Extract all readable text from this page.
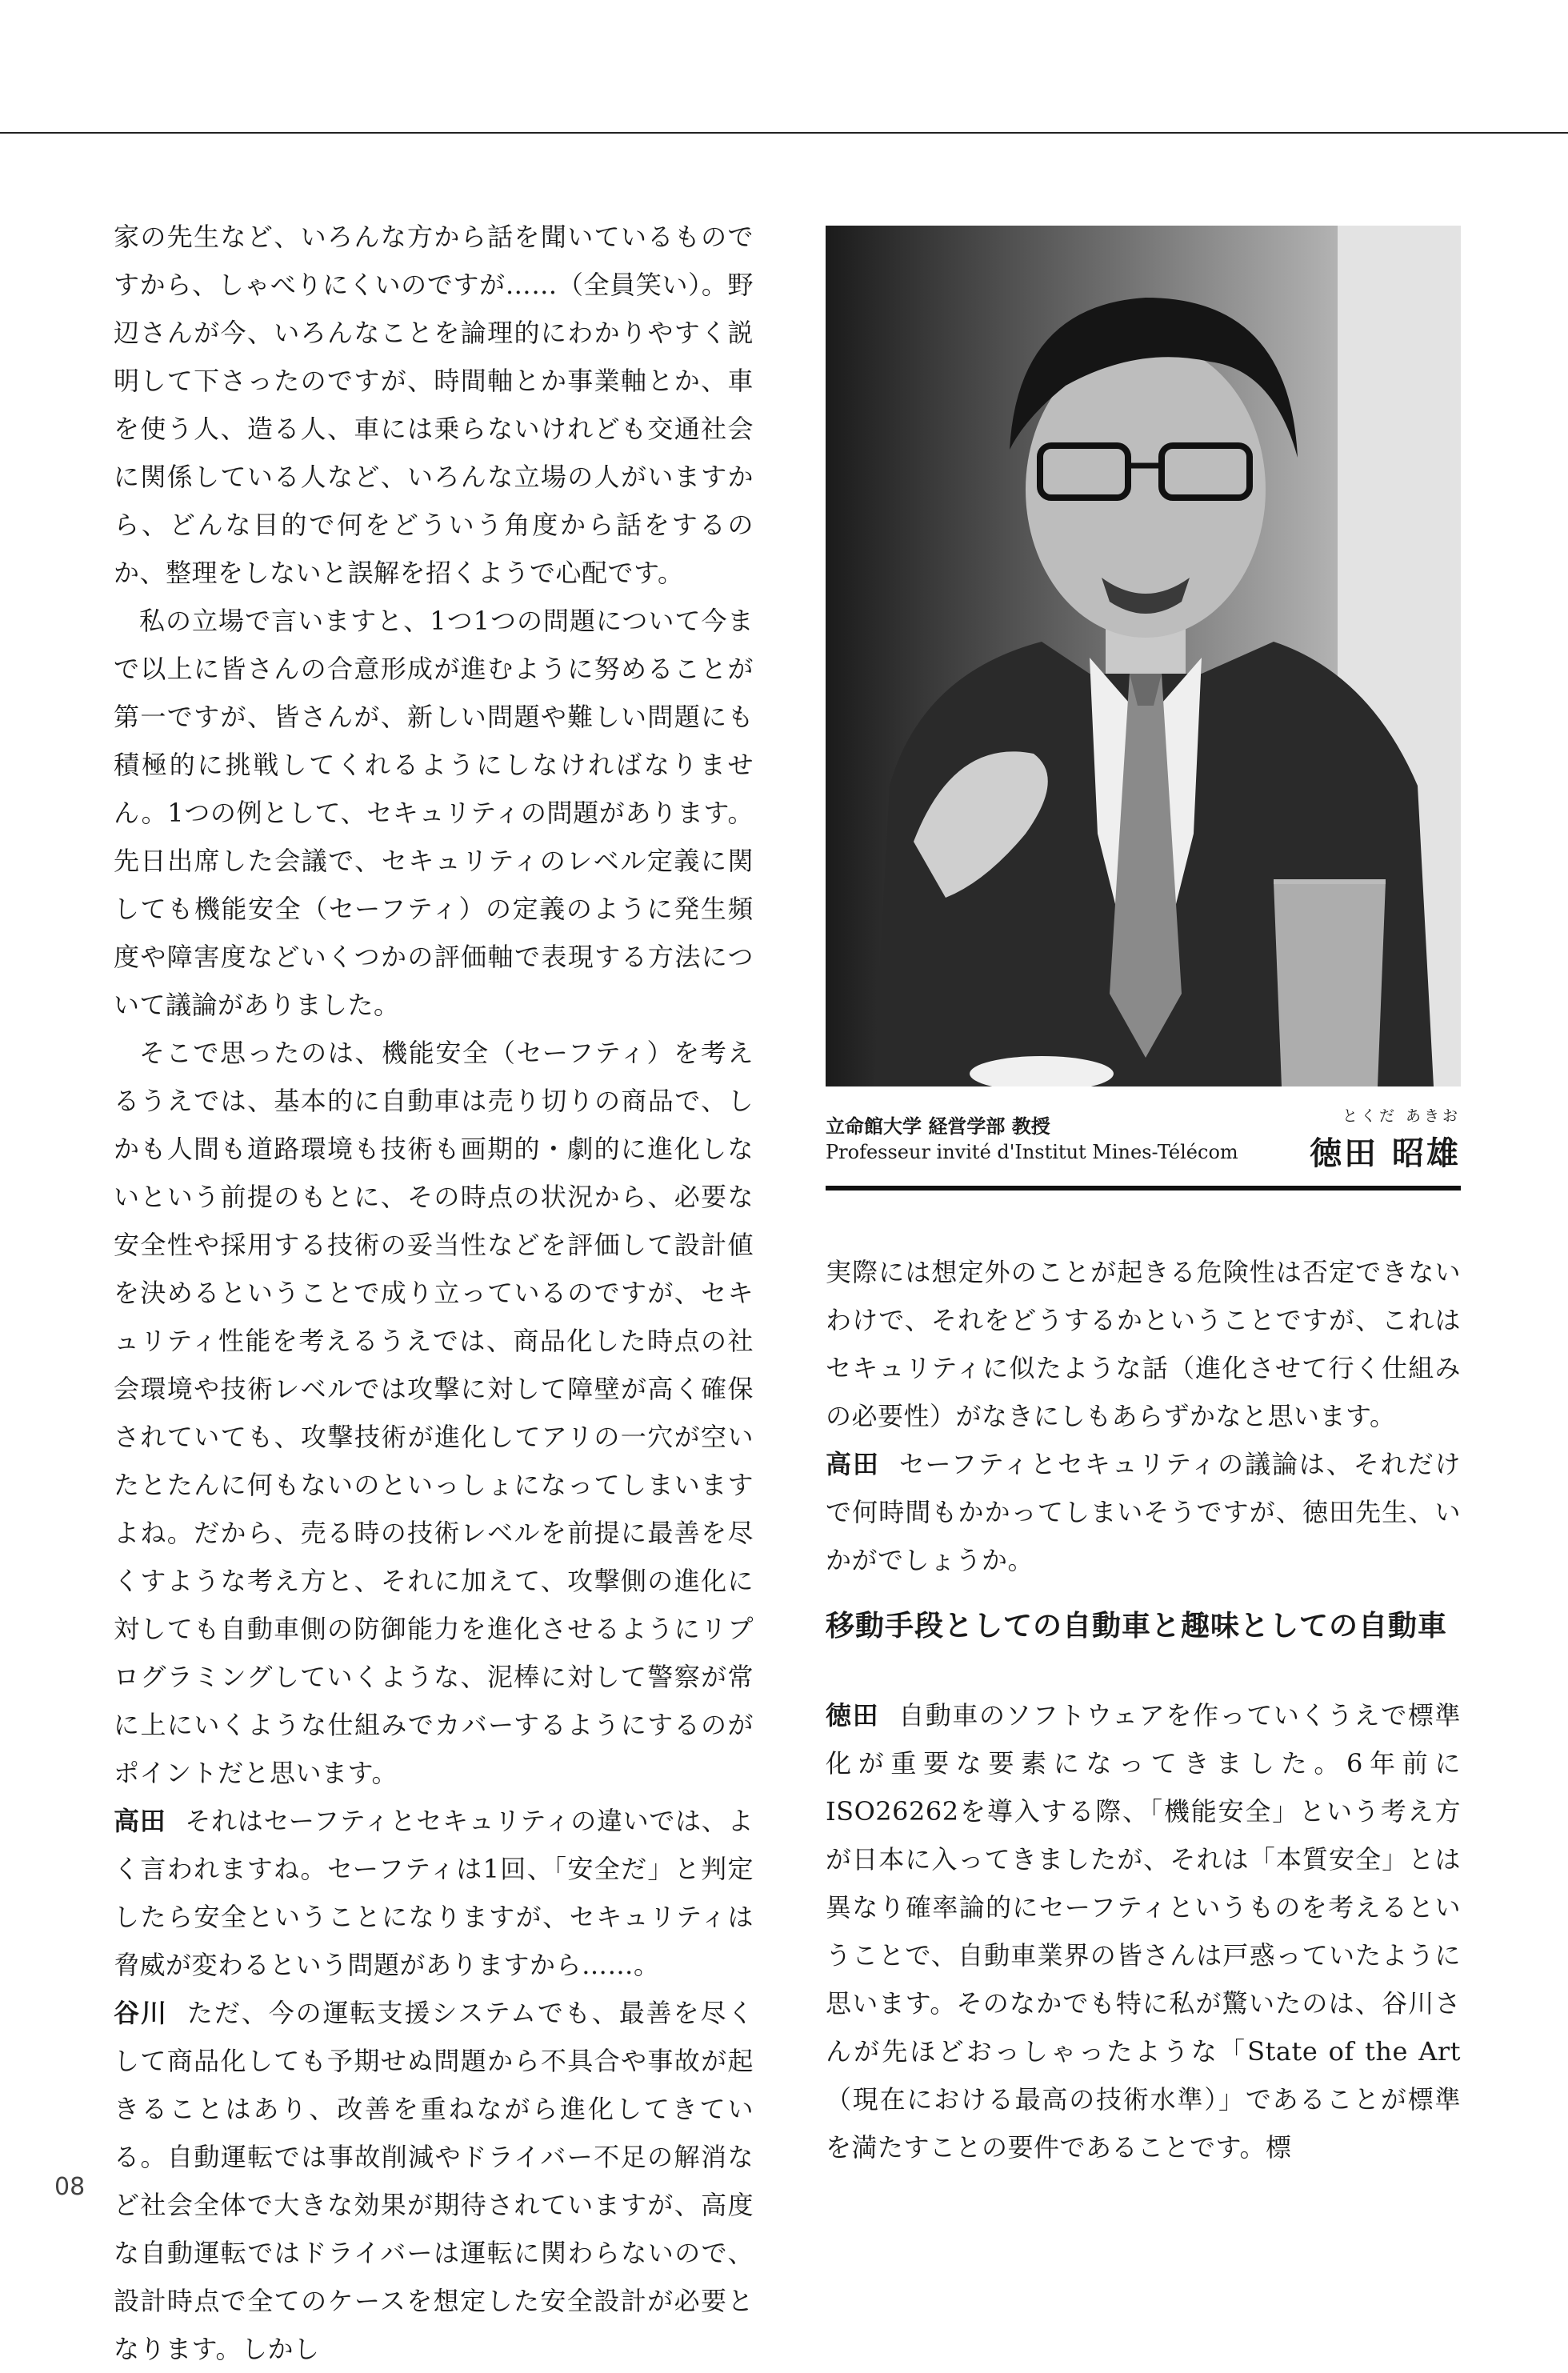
家の先生など、いろんな方から話を聞いているものですから、しゃべりにくいのですが……（全員笑い）。野辺さんが今、いろんなことを論理的にわかりやすく説明して下さったのですが、時間軸とか事業軸とか、車を使う人、造る人、車には乗らないけれども交通社会に関係している人など、いろんな立場の人がいますから、どんな目的で何をどういう角度から話をするのか、整理をしないと誤解を招くようで心配です。

私の立場で言いますと、1つ1つの問題について今まで以上に皆さんの合意形成が進むように努めることが第一ですが、皆さんが、新しい問題や難しい問題にも積極的に挑戦してくれるようにしなければなりません。1つの例として、セキュリティの問題があります。先日出席した会議で、セキュリティのレベル定義に関しても機能安全（セーフティ）の定義のように発生頻度や障害度などいくつかの評価軸で表現する方法について議論がありました。

そこで思ったのは、機能安全（セーフティ）を考えるうえでは、基本的に自動車は売り切りの商品で、しかも人間も道路環境も技術も画期的・劇的に進化しないという前提のもとに、その時点の状況から、必要な安全性や採用する技術の妥当性などを評価して設計値を決めるということで成り立っているのですが、セキュリティ性能を考えるうえでは、商品化した時点の社会環境や技術レベルでは攻撃に対して障壁が高く確保されていても、攻撃技術が進化してアリの一穴が空いたとたんに何もないのといっしょになってしまいますよね。だから、売る時の技術レベルを前提に最善を尽くすような考え方と、それに加えて、攻撃側の進化に対しても自動車側の防御能力を進化させるようにリプログラミングしていくような、泥棒に対して警察が常に上にいくような仕組みでカバーするようにするのがポイントだと思います。

高田 それはセーフティとセキュリティの違いでは、よく言われますね。セーフティは1回、「安全だ」と判定したら安全ということになりますが、セキュリティは脅威が変わるという問題がありますから……。

谷川 ただ、今の運転支援システムでも、最善を尽くして商品化しても予期せぬ問題から不具合や事故が起きることはあり、改善を重ねながら進化してきている。自動運転では事故削減やドライバー不足の解消など社会全体で大きな効果が期待されていますが、高度な自動運転ではドライバーは運転に関わらないので、設計時点で全てのケースを想定した安全設計が必要となります。しかし

立命館大学 経営学部 教授
Professeur invité d'Institut Mines-Télécom
とくだ あきお
徳田 昭雄

実際には想定外のことが起きる危険性は否定できないわけで、それをどうするかということですが、これはセキュリティに似たような話（進化させて行く仕組みの必要性）がなきにしもあらずかなと思います。

高田 セーフティとセキュリティの議論は、それだけで何時間もかかってしまいそうですが、徳田先生、いかがでしょうか。

移動手段としての自動車と趣味としての自動車

徳田 自動車のソフトウェアを作っていくうえで標準化が重要な要素になってきました。6年前にISO26262を導入する際、「機能安全」という考え方が日本に入ってきましたが、それは「本質安全」とは異なり確率論的にセーフティというものを考えるということで、自動車業界の皆さんは戸惑っていたように思います。そのなかでも特に私が驚いたのは、谷川さんが先ほどおっしゃったような「State of the Art（現在における最高の技術水準）」であることが標準を満たすことの要件であることです。標

08
